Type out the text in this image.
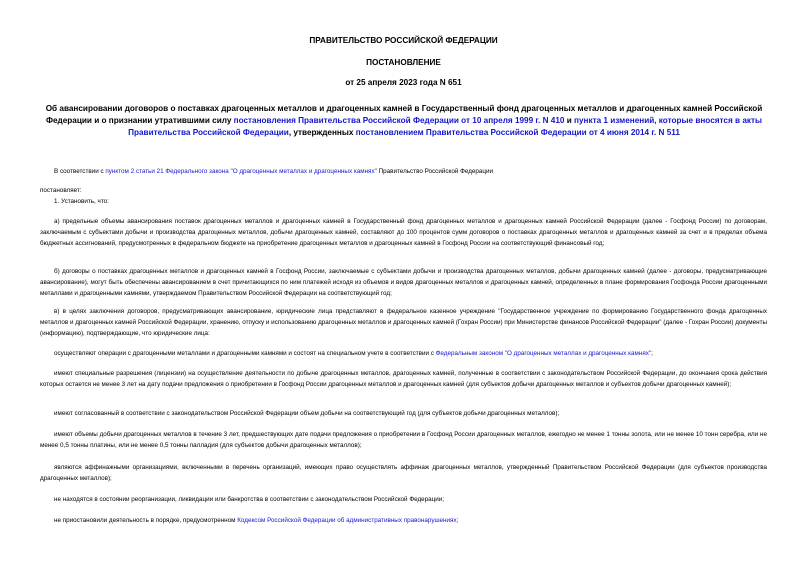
ПРАВИТЕЛЬСТВО РОССИЙСКОЙ ФЕДЕРАЦИИ

ПОСТАНОВЛЕНИЕ

от 25 апреля 2023 года N 651

Об авансировании договоров о поставках драгоценных металлов и драгоценных камней в Государственный фонд драгоценных металлов и драгоценных камней Российской Федерации и о признании утратившими силу постановления Правительства Российской Федерации от 10 апреля 1999 г. N 410 и пункта 1 изменений, которые вносятся в акты Правительства Российской Федерации, утвержденных постановлением Правительства Российской Федерации от 4 июня 2014 г. N 511
В соответствии с пунктом 2 статьи 21 Федерального закона "О драгоценных металлах и драгоценных камнях" Правительство Российской Федерации
постановляет:
1. Установить, что:
а) предельные объемы авансирования поставок драгоценных металлов и драгоценных камней в Государственный фонд драгоценных металлов и драгоценных камней Российской Федерации (далее - Госфонд России) по договорам, заключаемым с субъектами добычи и производства драгоценных металлов, добычи драгоценных камней, составляют до 100 процентов сумм договоров о поставках драгоценных металлов и драгоценных камней за счет и в пределах объема бюджетных ассигнований, предусмотренных в федеральном бюджете на приобретение драгоценных металлов и драгоценных камней в Госфонд России на соответствующий финансовый год;
б) договоры о поставках драгоценных металлов и драгоценных камней в Госфонд России, заключаемые с субъектами добычи и производства драгоценных металлов, добычи драгоценных камней (далее - договоры, предусматривающие авансирование), могут быть обеспечены авансированием в счет причитающихся по ним платежей исходя из объемов и видов драгоценных металлов и драгоценных камней, определенных в плане формирования Госфонда России драгоценными металлами и драгоценными камнями, утверждаемом Правительством Российской Федерации на соответствующий год;
в) в целях заключения договоров, предусматривающих авансирование, юридические лица представляют в федеральное казенное учреждение "Государственное учреждение по формированию Государственного фонда драгоценных металлов и драгоценных камней Российской Федерации, хранению, отпуску и использованию драгоценных металлов и драгоценных камней (Гохран России) при Министерстве финансов Российской Федерации" (далее - Гохран России) документы (информацию), подтверждающие, что юридические лица:
осуществляют операции с драгоценными металлами и драгоценными камнями и состоят на специальном учете в соответствии с Федеральным законом "О драгоценных металлах и драгоценных камнях";
имеют специальные разрешения (лицензии) на осуществление деятельности по добыче драгоценных металлов, драгоценных камней, полученные в соответствии с законодательством Российской Федерации, до окончания срока действия которых остается не менее 3 лет на дату подачи предложения о приобретении в Госфонд России драгоценных металлов и драгоценных камней (для субъектов добычи драгоценных металлов и субъектов добычи драгоценных камней);
имеют согласованный в соответствии с законодательством Российской Федерации объем добычи на соответствующий год (для субъектов добычи драгоценных металлов);
имеют объемы добычи драгоценных металлов в течение 3 лет, предшествующих дате подачи предложения о приобретении в Госфонд России драгоценных металлов, ежегодно не менее 1 тонны золота, или не менее 10 тонн серебра, или не менее 0,5 тонны платины, или не менее 0,5 тонны палладия (для субъектов добычи драгоценных металлов);
являются аффинажными организациями, включенными в перечень организаций, имеющих право осуществлять аффинаж драгоценных металлов, утвержденный Правительством Российской Федерации (для субъектов производства драгоценных металлов);
не находятся в состоянии реорганизации, ликвидации или банкротства в соответствии с законодательством Российской Федерации;
не приостановили деятельность в порядке, предусмотренном Кодексом Российской Федерации об административных правонарушениях;
